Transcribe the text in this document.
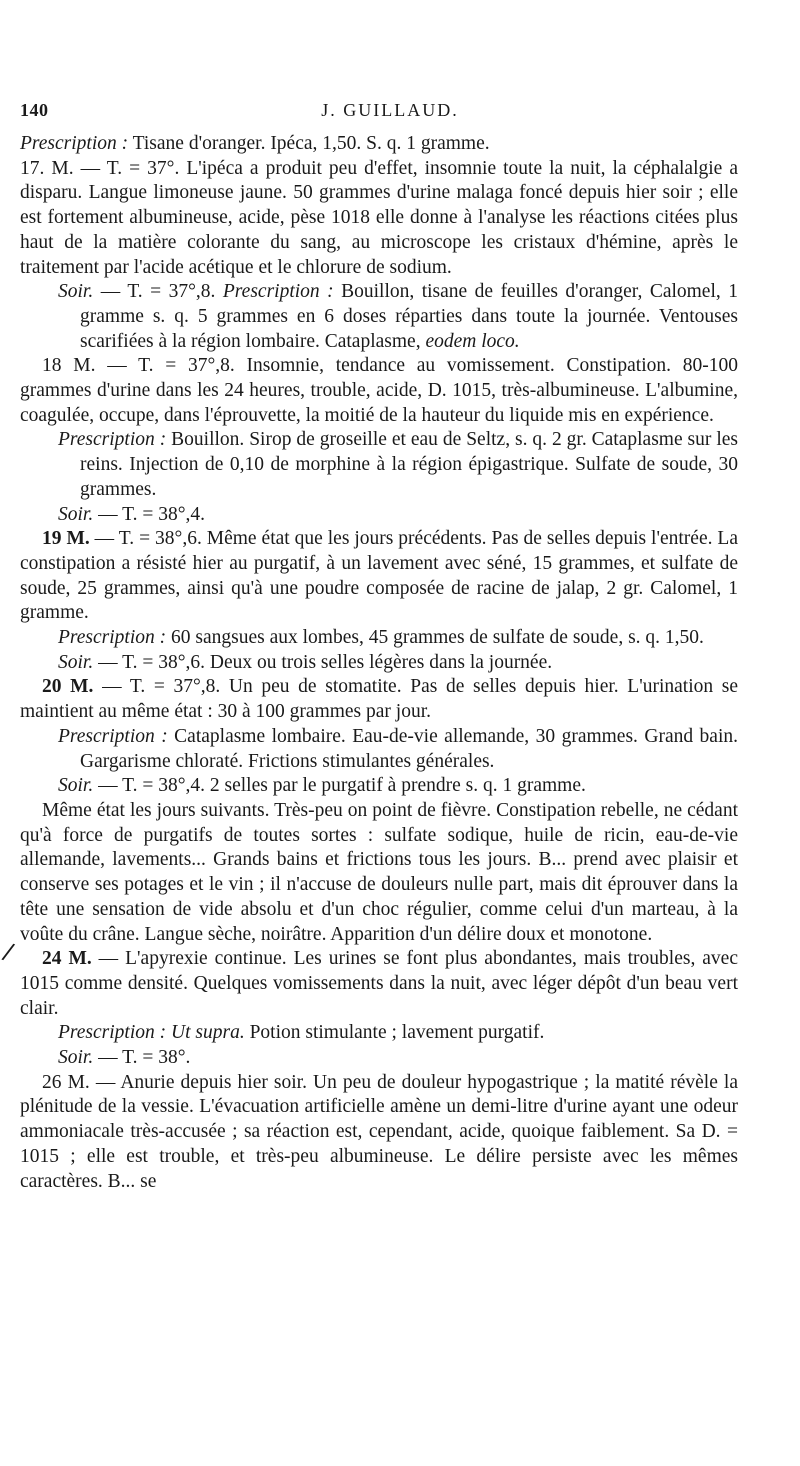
140	J. GUILLAUD.
/

Prescription : Tisane d'oranger. Ipéca, 1,50. S. q. 1 gramme.

17. M. — T. = 37°. L'ipéca a produit peu d'effet, insomnie toute la nuit, la céphalalgie a disparu. Langue limoneuse jaune. 50 grammes d'urine malaga foncé depuis hier soir ; elle est fortement albumineuse, acide, pèse 1018 elle donne à l'analyse les réactions citées plus haut de la matière colorante du sang, au microscope les cristaux d'hémine, après le traitement par l'acide acétique et le chlorure de sodium.

Soir. — T. = 37°,8. Prescription : Bouillon, tisane de feuilles d'oranger, Calomel, 1 gramme s. q. 5 grammes en 6 doses réparties dans toute la journée. Ventouses scarifiées à la région lombaire. Cataplasme, eodem loco.

18 M. — T. = 37°,8. Insomnie, tendance au vomissement. Constipation. 80-100 grammes d'urine dans les 24 heures, trouble, acide, D. 1015, très-albumineuse. L'albumine, coagulée, occupe, dans l'éprouvette, la moitié de la hauteur du liquide mis en expérience.

Prescription : Bouillon. Sirop de groseille et eau de Seltz, s. q. 2 gr. Cataplasme sur les reins. Injection de 0,10 de morphine à la région épigastrique. Sulfate de soude, 30 grammes.

Soir. — T. = 38°,4.

19 M. — T. = 38°,6. Même état que les jours précédents. Pas de selles depuis l'entrée. La constipation a résisté hier au purgatif, à un lavement avec séné, 15 grammes, et sulfate de soude, 25 grammes, ainsi qu'à une poudre composée de racine de jalap, 2 gr. Calomel, 1 gramme.

Prescription : 60 sangsues aux lombes, 45 grammes de sulfate de soude, s. q. 1,50.

Soir. — T. = 38°,6. Deux ou trois selles légères dans la journée.

20 M. — T. = 37°,8. Un peu de stomatite. Pas de selles depuis hier. L'urination se maintient au même état : 30 à 100 grammes par jour.

Prescription : Cataplasme lombaire. Eau-de-vie allemande, 30 grammes. Grand bain. Gargarisme chloraté. Frictions stimulantes générales.

Soir. — T. = 38°,4. 2 selles par le purgatif à prendre s. q. 1 gramme.

Même état les jours suivants. Très-peu on point de fièvre. Constipation rebelle, ne cédant qu'à force de purgatifs de toutes sortes : sulfate sodique, huile de ricin, eau-de-vie allemande, lavements... Grands bains et frictions tous les jours. B... prend avec plaisir et conserve ses potages et le vin ; il n'accuse de douleurs nulle part, mais dit éprouver dans la tête une sensation de vide absolu et d'un choc régulier, comme celui d'un marteau, à la voûte du crâne. Langue sèche, noirâtre. Apparition d'un délire doux et monotone.

24 M. — L'apyrexie continue. Les urines se font plus abondantes, mais troubles, avec 1015 comme densité. Quelques vomissements dans la nuit, avec léger dépôt d'un beau vert clair.

Prescription : Ut supra. Potion stimulante ; lavement purgatif.

Soir. — T. = 38°.

26 M. — Anurie depuis hier soir. Un peu de douleur hypogastrique ; la matité révèle la plénitude de la vessie. L'évacuation artificielle amène un demi-litre d'urine ayant une odeur ammoniacale très-accusée ; sa réaction est, cependant, acide, quoique faiblement. Sa D. = 1015 ; elle est trouble, et très-peu albumineuse. Le délire persiste avec les mêmes caractères. B... se
